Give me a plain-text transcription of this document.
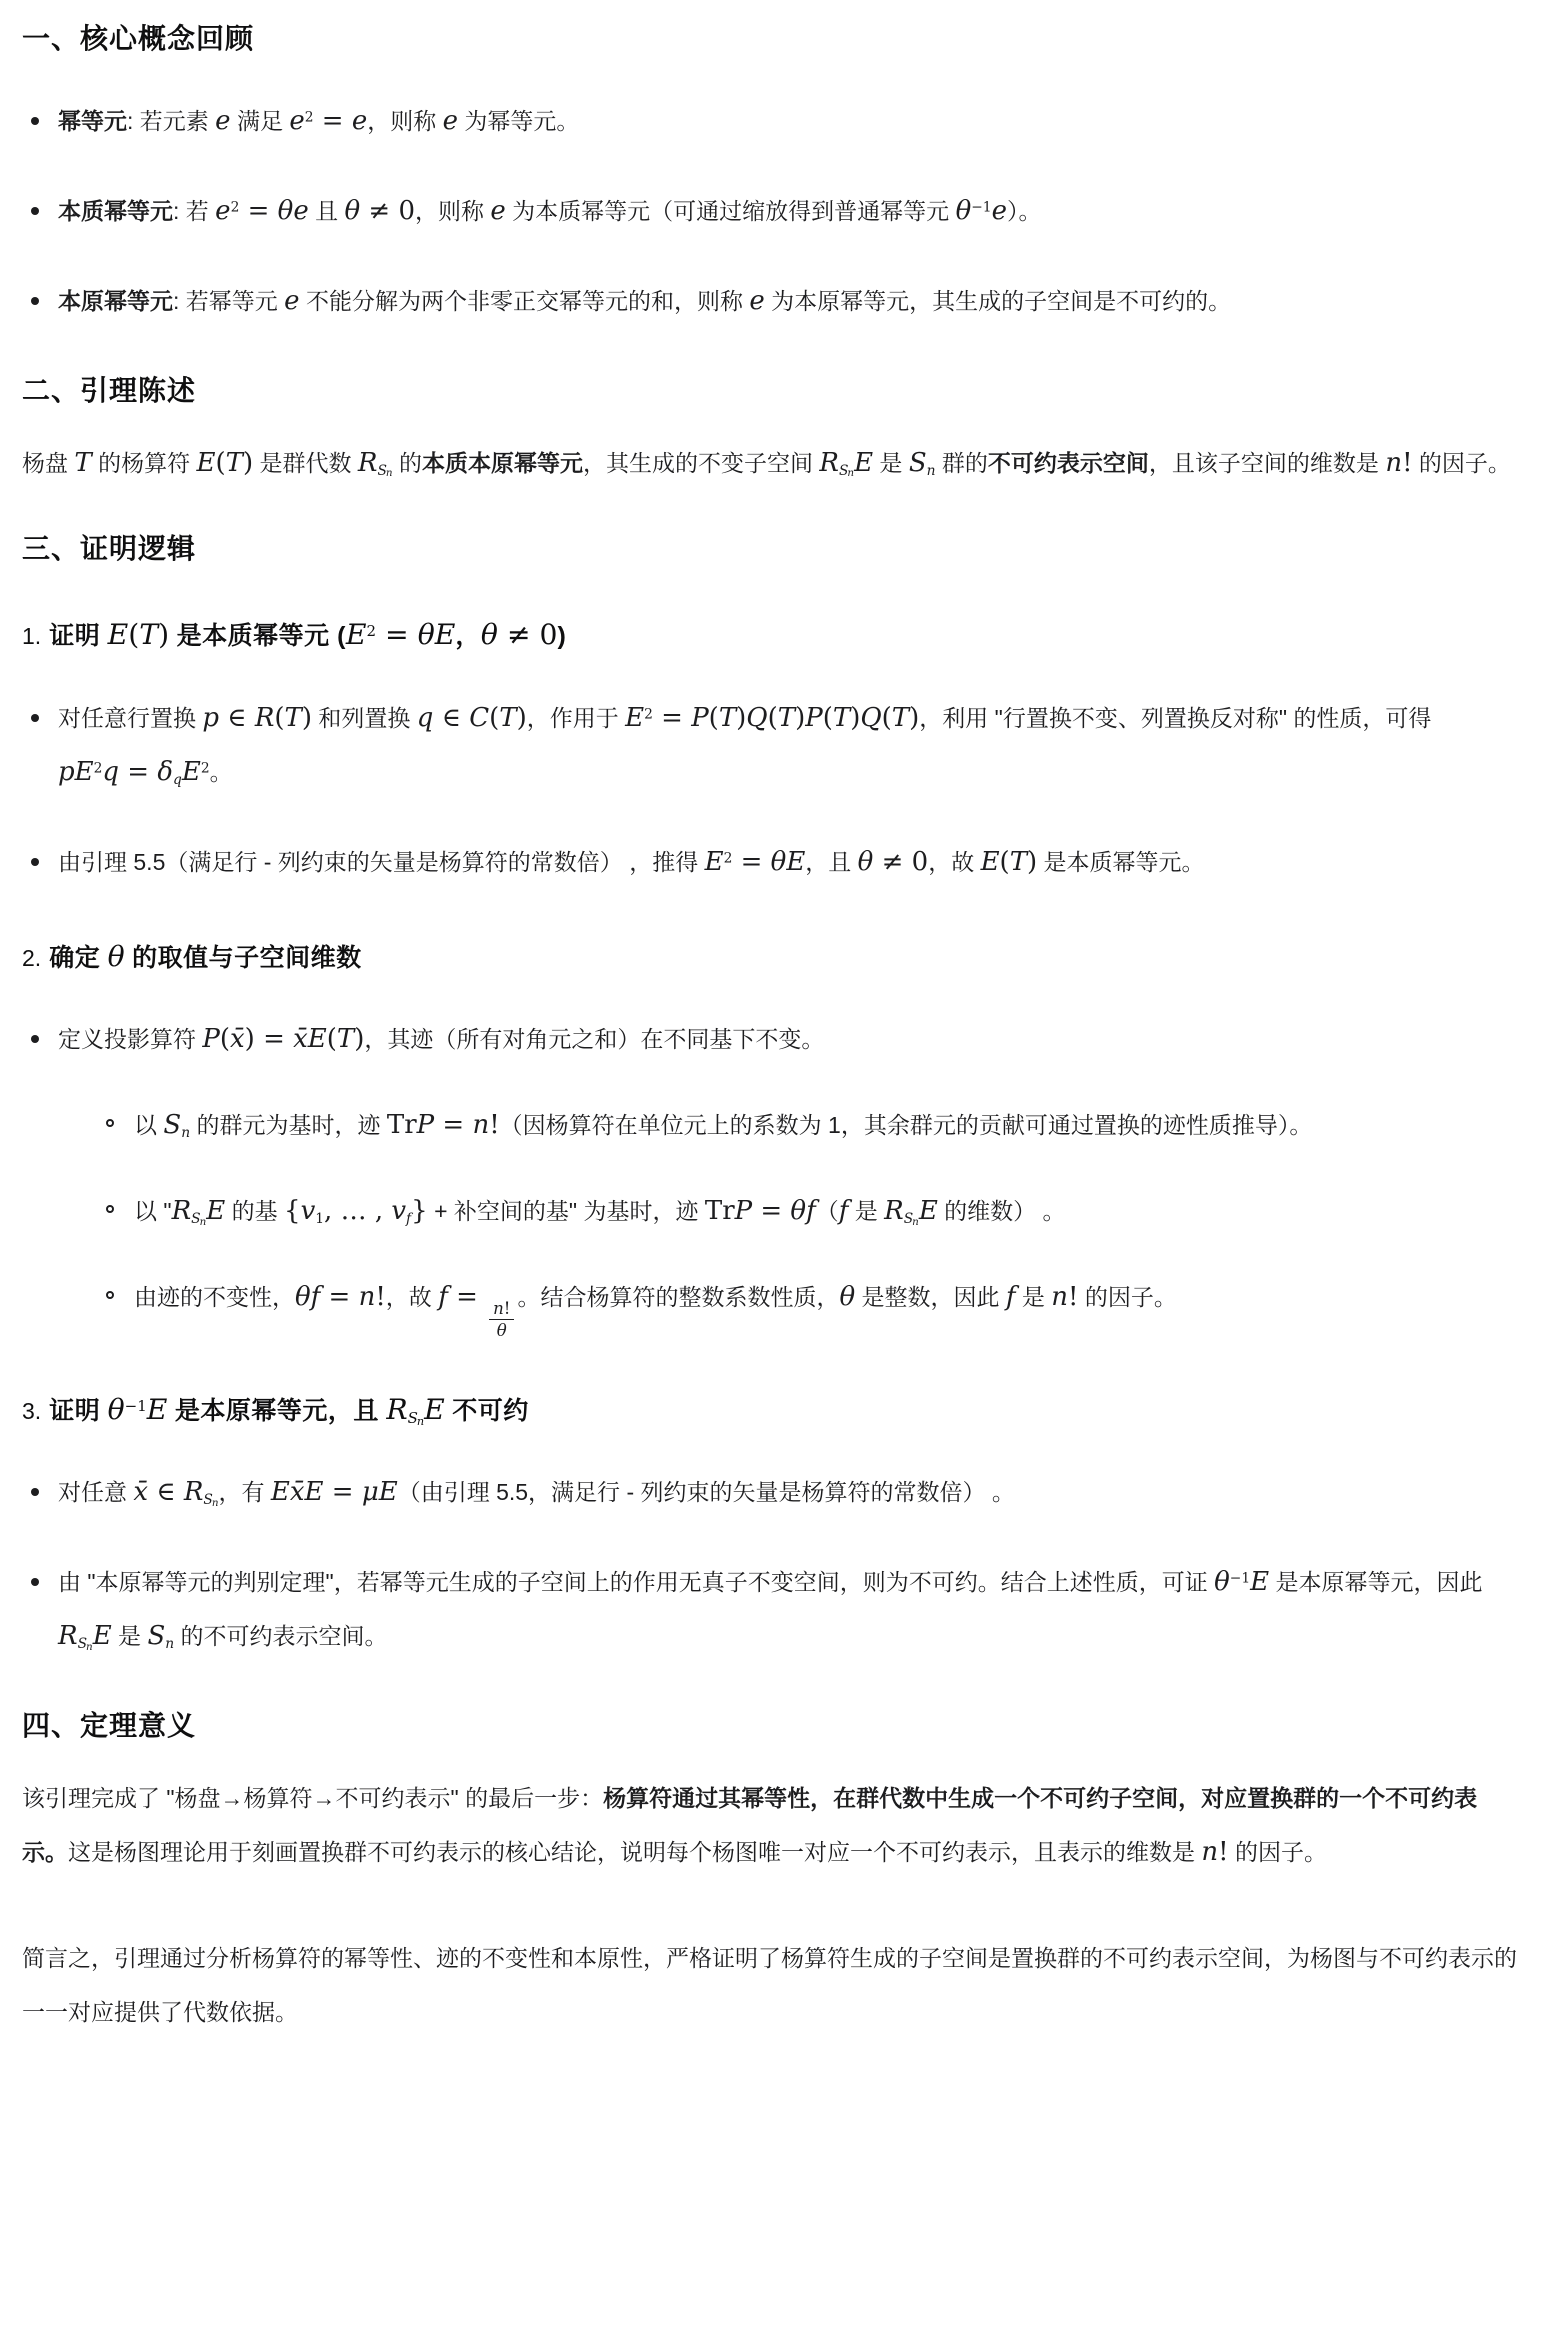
一、核心概念回顾
幂等元: 若元素 e 满足 $e^2 = e$，则称 e 为幂等元。
本质幂等元: 若 $e^2 = \theta e$ 且 θ ≠ 0，则称 e 为本质幂等元（可通过缩放得到普通幂等元 $\theta^{-1}e$）。
本原幂等元: 若幂等元 e 不能分解为两个非零正交幂等元的和，则称 e 为本原幂等元，其生成的子空间是不可约的。
二、引理陈述

杨盘 T 的杨算符 E(T) 是群代数 $RS_n$ 的本质本原幂等元，其生成的不变子空间 $RS_nE$ 是 Sn 群的不可约表示空间，且该子空间的维数是 n! 的因子。

三、证明逻辑
1. 证明 E(T) 是本质幂等元 ($E^2 = \theta E$，θ ≠ 0)
对任意行置换 p ∈ R(T) 和列置换 q ∈ C(T)，作用于 $E^2 = P(T)Q(T)P(T)Q(T)$，利用 "行置换不变、列置换反对称" 的性质，可得 $pE^2q = \delta qE^2$。
由引理 5.5（满足行 - 列约束的矢量是杨算符的常数倍） ，推得 $E^2 = \theta E$，且 θ ≠ 0，故 E(T) 是本质幂等元。
2. 确定 θ 的取值与子空间维数
定义投影算符 P(x̄) = x̄E(T)，其迹（所有对角元之和）在不同基下不变。
以 Sn 的群元为基时，迹 TrP = n!（因杨算符在单位元上的系数为 1，其余群元的贡献可通过置换的迹性质推导）。
以 "$RS_nE$ 的基 {v1, … , vf} + 补空间的基" 为基时，迹 TrP = θf（f 是 $RS_nE$ 的维数） 。
由迹的不变性，θf = n!，故 f =
$\frac{n!}{\theta}$
。结合杨算符的整数系数性质，θ 是整数，因此 f 是 n! 的因子。
3. 证明 $\theta^{-1}E$ 是本原幂等元，且 $RS_nE$ 不可约
对任意 x̄ ∈ $RS_n$，有 Ex̄E = μE（由引理 5.5，满足行 - 列约束的矢量是杨算符的常数倍） 。
由 "本原幂等元的判别定理"，若幂等元生成的子空间上的作用无真子不变空间，则为不可约。结合上述性质，可证 $\theta^{-1}E$ 是本原幂等元，因此 $RS_nE$ 是 Sn 的不可约表示空间。
四、定理意义

该引理完成了 "杨盘→杨算符→不可约表示" 的最后一步：杨算符通过其幂等性，在群代数中生成一个不可约子空间，对应置换群的一个不可约表示。这是杨图理论用于刻画置换群不可约表示的核心结论，说明每个杨图唯一对应一个不可约表示，且表示的维数是 n! 的因子。

简言之，引理通过分析杨算符的幂等性、迹的不变性和本原性，严格证明了杨算符生成的子空间是置换群的不可约表示空间，为杨图与不可约表示的一一对应提供了代数依据。
